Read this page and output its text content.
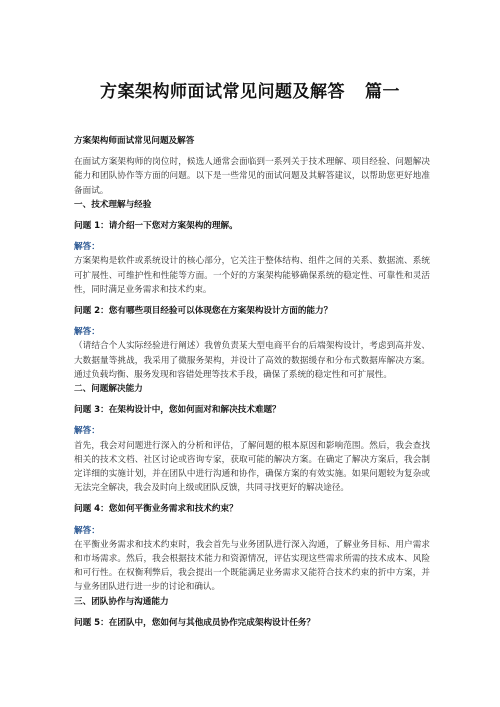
方案架构师面试常见问题及解答 篇一

方案架构师面试常见问题及解答

在面试方案架构师的岗位时，候选人通常会面临到一系列关于技术理解、项目经验、问题解决能力和团队协作等方面的问题。以下是一些常见的面试问题及其解答建议，以帮助您更好地准备面试。

一、技术理解与经验

问题 1：请介绍一下您对方案架构的理解。

解答：

方案架构是软件或系统设计的核心部分，它关注于整体结构、组件之间的关系、数据流、系统可扩展性、可维护性和性能等方面。一个好的方案架构能够确保系统的稳定性、可靠性和灵活性，同时满足业务需求和技术约束。

问题 2：您有哪些项目经验可以体现您在方案架构设计方面的能力？

解答：

（请结合个人实际经验进行阐述）我曾负责某大型电商平台的后端架构设计，考虑到高并发、大数据量等挑战，我采用了微服务架构，并设计了高效的数据缓存和分布式数据库解决方案。通过负载均衡、服务发现和容错处理等技术手段，确保了系统的稳定性和可扩展性。

二、问题解决能力

问题 3：在架构设计中，您如何面对和解决技术难题？

解答：

首先，我会对问题进行深入的分析和评估，了解问题的根本原因和影响范围。然后，我会查找相关的技术文档、社区讨论或咨询专家，获取可能的解决方案。在确定了解决方案后，我会制定详细的实施计划，并在团队中进行沟通和协作，确保方案的有效实施。如果问题较为复杂或无法完全解决，我会及时向上级或团队反馈，共同寻找更好的解决途径。

问题 4：您如何平衡业务需求和技术约束？

解答：

在平衡业务需求和技术约束时，我会首先与业务团队进行深入沟通，了解业务目标、用户需求和市场需求。然后，我会根据技术能力和资源情况，评估实现这些需求所需的技术成本、风险和可行性。在权衡利弊后，我会提出一个既能满足业务需求又能符合技术约束的折中方案，并与业务团队进行进一步的讨论和确认。

三、团队协作与沟通能力

问题 5：在团队中，您如何与其他成员协作完成架构设计任务？
